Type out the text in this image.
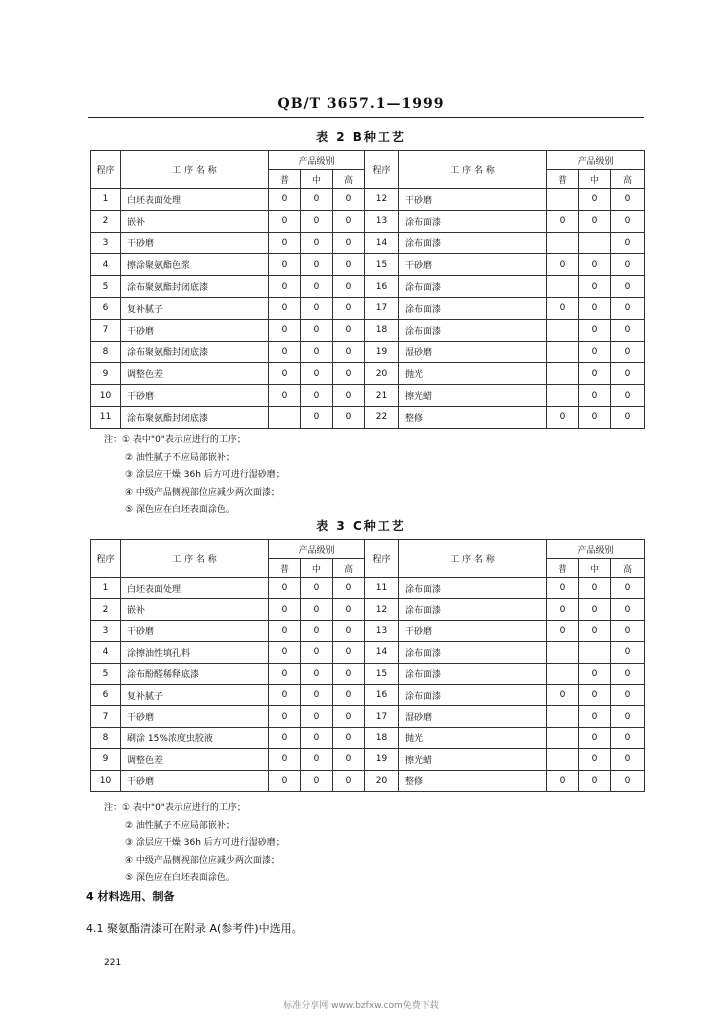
QB/T 3657.1—1999
表 2 B种工艺
程序	工 序 名 称	产品级别			程序	工 序 名 称	产品级别		
		普	中	高			普	中	高
1	白坯表面处理	0	0	0	12	干砂磨		0	0
2	嵌补	0	0	0	13	涂布面漆	0	0	0
3	干砂磨	0	0	0	14	涂布面漆			0
4	擦涂聚氨酯色浆	0	0	0	15	干砂磨	0	0	0
5	涂布聚氨酯封闭底漆	0	0	0	16	涂布面漆		0	0
6	复补腻子	0	0	0	17	涂布面漆	0	0	0
7	干砂磨	0	0	0	18	涂布面漆		0	0
8	涂布聚氨酯封闭底漆	0	0	0	19	湿砂磨		0	0
9	调整色差	0	0	0	20	抛光		0	0
10	干砂磨	0	0	0	21	擦光蜡		0	0
11	涂布聚氨酯封闭底漆		0	0	22	整修	0	0	0
注：① 表中"0"表示应进行的工序；
② 油性腻子不应局部嵌补；
③ 涂层应干燥 36h 后方可进行湿砂磨；
④ 中级产品侧视部位应减少两次面漆；
⑤ 深色应在白坯表面涂色。
表 3 C种工艺
程序	工 序 名 称	产品级别			程序	工 序 名 称	产品级别		
		普	中	高			普	中	高
1	白坯表面处理	0	0	0	11	涂布面漆	0	0	0
2	嵌补	0	0	0	12	涂布面漆	0	0	0
3	干砂磨	0	0	0	13	干砂磨	0	0	0
4	涂擦油性填孔料	0	0	0	14	涂布面漆			0
5	涂布酚醛稀释底漆	0	0	0	15	涂布面漆		0	0
6	复补腻子	0	0	0	16	涂布面漆	0	0	0
7	干砂磨	0	0	0	17	湿砂磨		0	0
8	刷涂 15%浓度虫胶液	0	0	0	18	抛光		0	0
9	调整色差	0	0	0	19	擦光蜡		0	0
10	干砂磨	0	0	0	20	整修	0	0	0
注：① 表中"0"表示应进行的工序；
② 油性腻子不应局部嵌补；
③ 涂层应干燥 36h 后方可进行湿砂磨；
④ 中级产品侧视部位应减少两次面漆；
⑤ 深色应在白坯表面涂色。
4 材料选用、制备
4.1 聚氨酯清漆可在附录 A(参考件)中选用。
221
标准分享网 www.bzfxw.com免费下载
